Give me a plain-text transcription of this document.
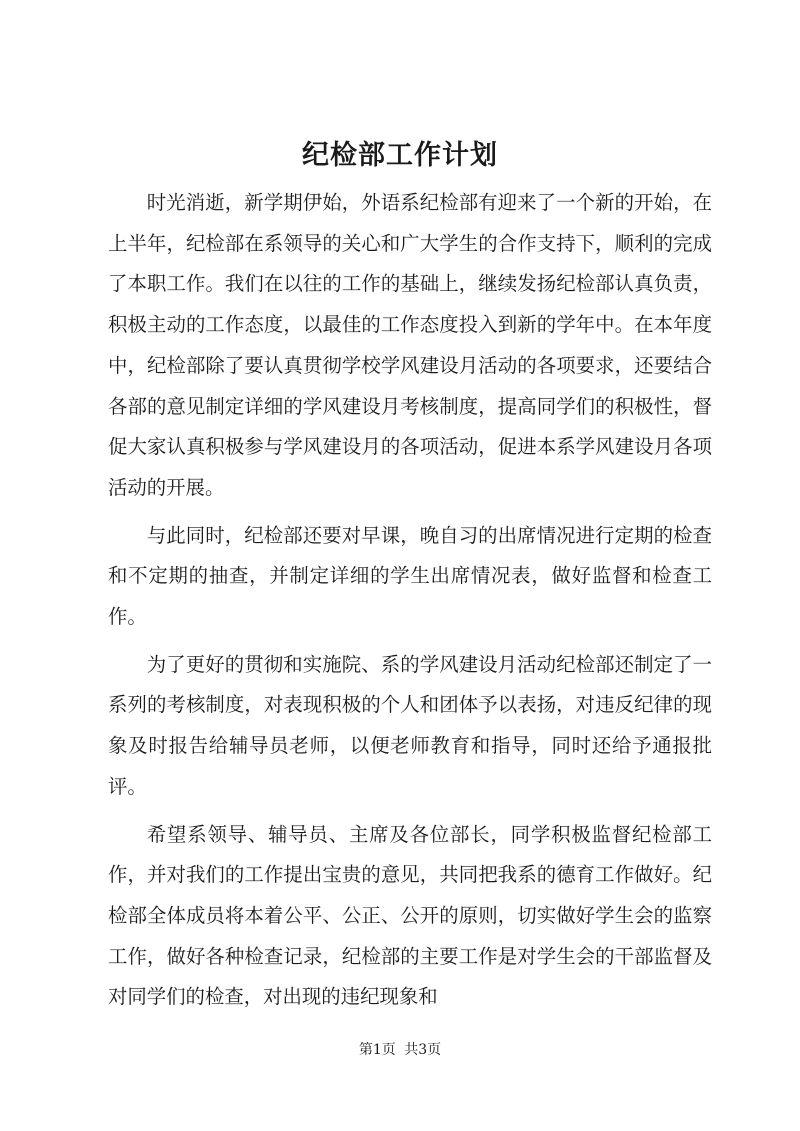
纪检部工作计划

时光消逝，新学期伊始，外语系纪检部有迎来了一个新的开始，在上半年，纪检部在系领导的关心和广大学生的合作支持下，顺利的完成了本职工作。我们在以往的工作的基础上，继续发扬纪检部认真负责，积极主动的工作态度，以最佳的工作态度投入到新的学年中。在本年度中，纪检部除了要认真贯彻学校学风建设月活动的各项要求，还要结合各部的意见制定详细的学风建设月考核制度，提高同学们的积极性，督促大家认真积极参与学风建设月的各项活动，促进本系学风建设月各项活动的开展。

与此同时，纪检部还要对早课，晚自习的出席情况进行定期的检查和不定期的抽查，并制定详细的学生出席情况表，做好监督和检查工作。

为了更好的贯彻和实施院、系的学风建设月活动纪检部还制定了一系列的考核制度，对表现积极的个人和团体予以表扬，对违反纪律的现象及时报告给辅导员老师，以便老师教育和指导，同时还给予通报批评。

希望系领导、辅导员、主席及各位部长，同学积极监督纪检部工作，并对我们的工作提出宝贵的意见，共同把我系的德育工作做好。纪检部全体成员将本着公平、公正、公开的原则，切实做好学生会的监察工作，做好各种检查记录，纪检部的主要工作是对学生会的干部监督及对同学们的检查，对出现的违纪现象和

第1页 共3页
